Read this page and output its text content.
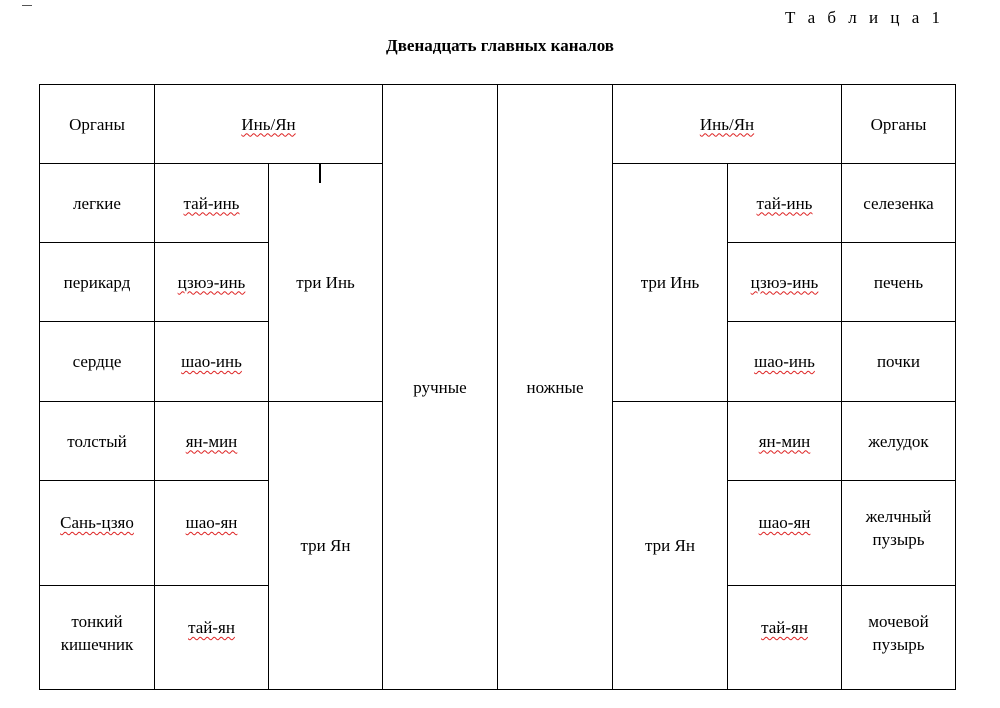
Т а б л и ц а 1
Двенадцать главных каналов
Органы	Инь/Ян		ручные	ножные	Инь/Ян		Органы
легкие	тай-инь	три Инь			три Инь	тай-инь	селезенка
перикард	цзюэ-инь					цзюэ-инь	печень
сердце	шао-инь					шао-инь	почки
толстый	ян-мин	три Ян			три Ян	ян-мин	желудок
Сань-цзяо	шао-ян					шао-ян	желчный пузырь
тонкий кишечник	тай-ян					тай-ян	мочевой пузырь
